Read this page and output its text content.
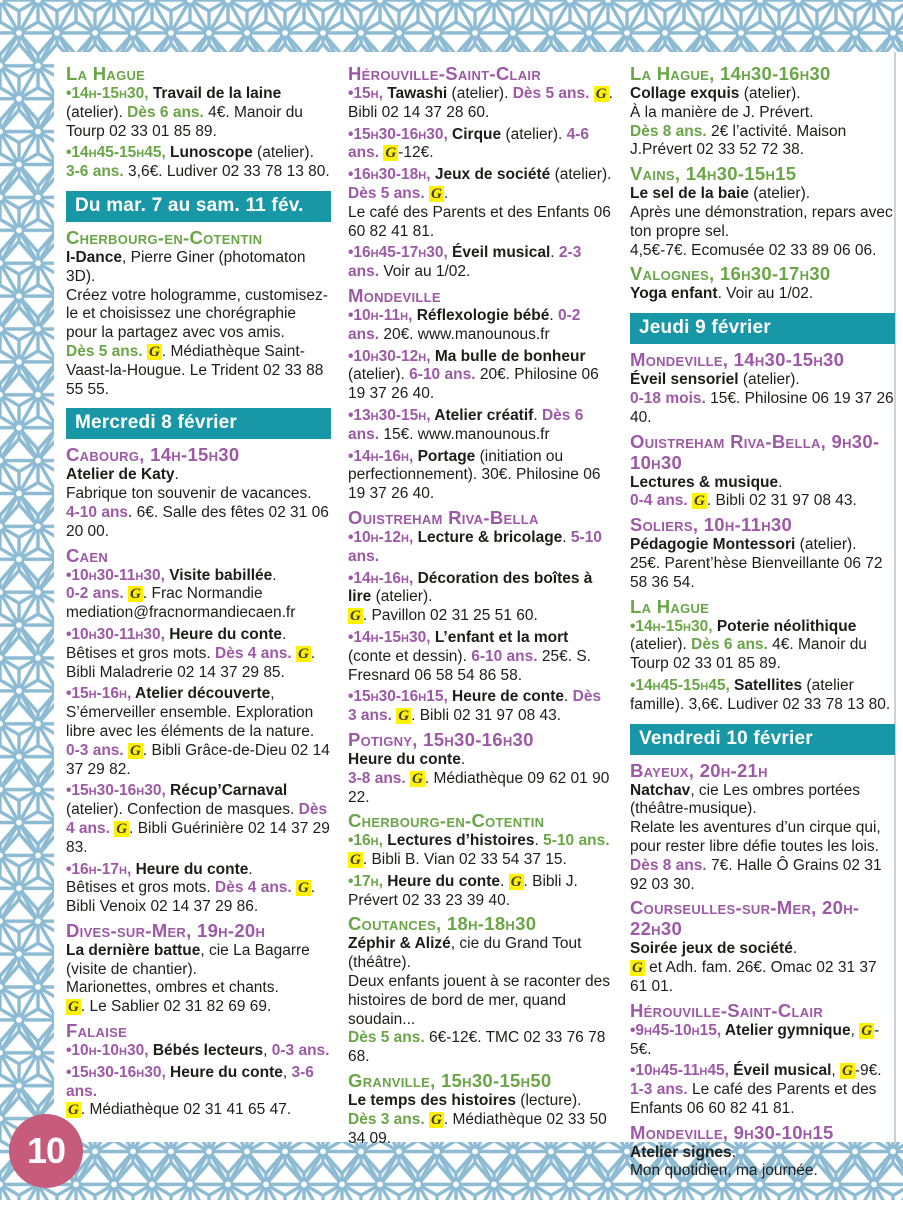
La Hague
•14h-15h30, Travail de la laine (atelier). Dès 6 ans. 4€. Manoir du Tourp 02 33 01 85 89.
•14h45-15h45, Lunoscope (atelier). 3-6 ans. 3,6€. Ludiver 02 33 78 13 80.
Du mar. 7 au sam. 11 fév.
Cherbourg-en-Cotentin
I-Dance, Pierre Giner (photomaton 3D).
Créez votre hologramme, customisez-le et choisissez une chorégraphie pour la partagez avec vos amis.
Dès 5 ans. G . Médiathèque Saint-Vaast-la-Hougue. Le Trident 02 33 88 55 55.
Mercredi 8 février
Cabourg, 14h-15h30
Atelier de Katy.
Fabrique ton souvenir de vacances.
4-10 ans. 6€. Salle des fêtes 02 31 06 20 00.
Caen
•10h30-11h30, Visite babillée.
0-2 ans. G . Frac Normandie mediation@fracnormandiecaen.fr
•10h30-11h30, Heure du conte.
Bêtises et gros mots. Dès 4 ans. G . Bibli Maladrerie 02 14 37 29 85.
•15h-16h, Atelier découverte, S’émerveiller ensemble. Exploration libre avec les éléments de la nature. 0-3 ans. G . Bibli Grâce-de-Dieu 02 14 37 29 82.
•15h30-16h30, Récup’Carnaval (atelier). Confection de masques. Dès 4 ans. G . Bibli Guérinière 02 14 37 29 83.
•16h-17h, Heure du conte.
Bêtises et gros mots. Dès 4 ans. G . Bibli Venoix 02 14 37 29 86.
Dives-sur-Mer, 19h-20h
La dernière battue, cie La Bagarre (visite de chantier).
Marionettes, ombres et chants.
G . Le Sablier 02 31 82 69 69.
Falaise
•10h-10h30, Bébés lecteurs, 0-3 ans.
•15h30-16h30, Heure du conte, 3-6 ans.
G . Médiathèque 02 31 41 65 47.
Hérouville-Saint-Clair
•15h, Tawashi (atelier). Dès 5 ans. G . Bibli 02 14 37 28 60.
•15h30-16h30, Cirque (atelier). 4-6 ans. G -12€.
•16h30-18h, Jeux de société (atelier). Dès 5 ans. G .
Le café des Parents et des Enfants 06 60 82 41 81.
•16h45-17h30, Éveil musical. 2-3 ans. Voir au 1/02.
Mondeville
•10h-11h, Réflexologie bébé. 0-2 ans. 20€. www.manounous.fr
•10h30-12h, Ma bulle de bonheur (atelier). 6-10 ans. 20€. Philosine 06 19 37 26 40.
•13h30-15h, Atelier créatif. Dès 6 ans. 15€. www.manounous.fr
•14h-16h, Portage (initiation ou perfectionnement). 30€. Philosine 06 19 37 26 40.
Ouistreham Riva-Bella
•10h-12h, Lecture & bricolage. 5-10 ans.
•14h-16h, Décoration des boîtes à lire (atelier).
G . Pavillon 02 31 25 51 60.
•14h-15h30, L’enfant et la mort (conte et dessin). 6-10 ans. 25€. S. Fresnard 06 58 54 86 58.
•15h30-16h15, Heure de conte. Dès 3 ans. G . Bibli 02 31 97 08 43.
Potigny, 15h30-16h30
Heure du conte.
3-8 ans. G . Médiathèque 09 62 01 90 22.
Cherbourg-en-Cotentin
•16h, Lectures d’histoires. 5-10 ans. G . Bibli B. Vian 02 33 54 37 15.
•17h, Heure du conte. G . Bibli J. Prévert 02 33 23 39 40.
Coutances, 18h-18h30
Zéphir & Alizé, cie du Grand Tout (théâtre).
Deux enfants jouent à se raconter des histoires de bord de mer, quand soudain...
Dès 5 ans. 6€-12€. TMC 02 33 76 78 68.
Granville, 15h30-15h50
Le temps des histoires (lecture).
Dès 3 ans. G . Médiathèque 02 33 50 34 09.
La Hague, 14h30-16h30
Collage exquis (atelier).
À la manière de J. Prévert.
Dès 8 ans. 2€ l’activité. Maison J.Prévert 02 33 52 72 38.
Vains, 14h30-15h15
Le sel de la baie (atelier).
Après une démonstration, repars avec ton propre sel.
4,5€-7€. Ecomusée 02 33 89 06 06.
Valognes, 16h30-17h30
Yoga enfant. Voir au 1/02.
Jeudi 9 février
Mondeville, 14h30-15h30
Éveil sensoriel (atelier).
0-18 mois. 15€. Philosine 06 19 37 26 40.
Ouistreham Riva-Bella, 9h30-10h30
Lectures & musique.
0-4 ans. G . Bibli 02 31 97 08 43.
Soliers, 10h-11h30
Pédagogie Montessori (atelier).
25€. Parent’hèse Bienveillante 06 72 58 36 54.
La Hague
•14h-15h30, Poterie néolithique (atelier). Dès 6 ans. 4€. Manoir du Tourp 02 33 01 85 89.
•14h45-15h45, Satellites (atelier famille). 3,6€. Ludiver 02 33 78 13 80.
Vendredi 10 février
Bayeux, 20h-21h
Natchav, cie Les ombres portées (théâtre-musique).
Relate les aventures d’un cirque qui, pour rester libre défie toutes les lois.
Dès 8 ans. 7€. Halle Ô Grains 02 31 92 03 30.
Courseulles-sur-Mer, 20h-22h30
Soirée jeux de société.
G et Adh. fam. 26€. Omac 02 31 37 61 01.
Hérouville-Saint-Clair
•9h45-10h15, Atelier gymnique, G -5€.
•10h45-11h45, Éveil musical, G -9€. 1-3 ans. Le café des Parents et des Enfants 06 60 82 41 81.
Mondeville, 9h30-10h15
Atelier signes.
Mon quotidien, ma journée.
10
